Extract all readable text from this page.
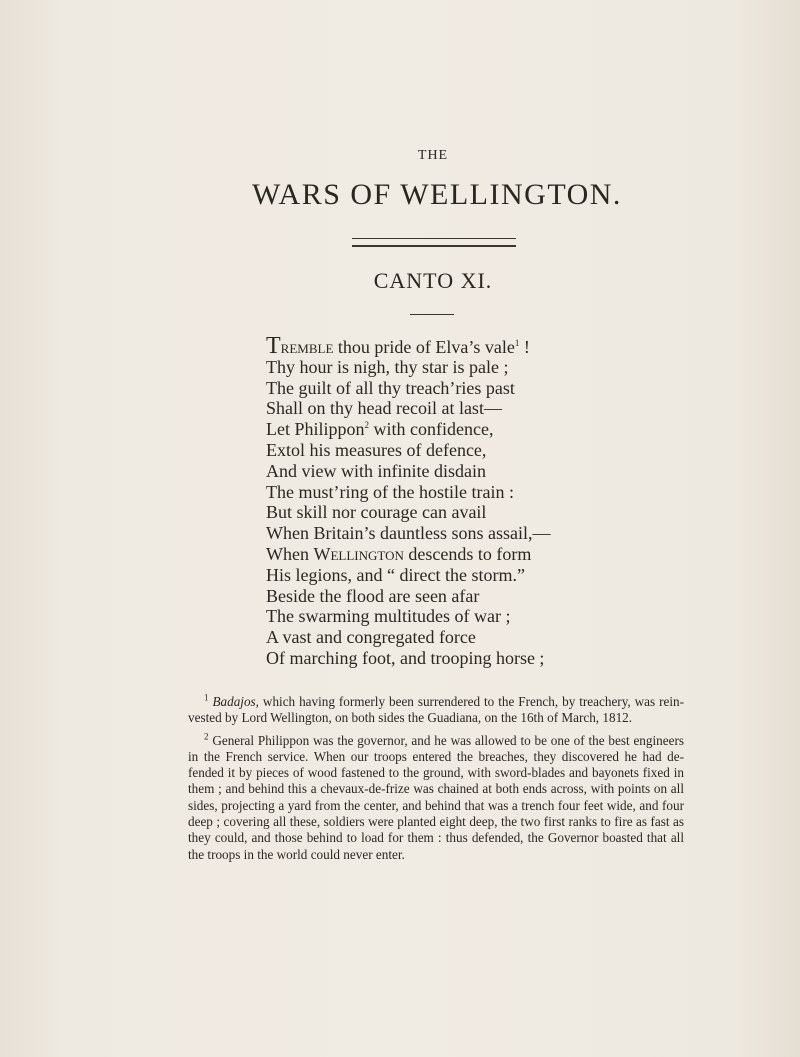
THE
WARS OF WELLINGTON.
CANTO XI.
Tremble thou pride of Elva’s vale$^1$ !
Thy hour is nigh, thy star is pale ;
The guilt of all thy treach’ries past
Shall on thy head recoil at last—
Let Philippon$^2$ with confidence,
Extol his measures of defence,
And view with infinite disdain
The must’ring of the hostile train :
But skill nor courage can avail
When Britain’s dauntless sons assail,—
When Wellington descends to form
His legions, and “ direct the storm.”
Beside the flood are seen afar
The swarming multitudes of war ;
A vast and congregated force
Of marching foot, and trooping horse ;

$^1$ Badajos, which having formerly been surrendered to the French, by treachery, was rein-vested by Lord Wellington, on both sides the Guadiana, on the 16th of March, 1812.

$^2$ General Philippon was the governor, and he was allowed to be one of the best engineers in the French service. When our troops entered the breaches, they discovered he had de-fended it by pieces of wood fastened to the ground, with sword-blades and bayonets fixed in them ; and behind this a chevaux-de-frize was chained at both ends across, with points on all sides, projecting a yard from the center, and behind that was a trench four feet wide, and four deep ; covering all these, soldiers were planted eight deep, the two first ranks to fire as fast as they could, and those behind to load for them : thus defended, the Governor boasted that all the troops in the world could never enter.
